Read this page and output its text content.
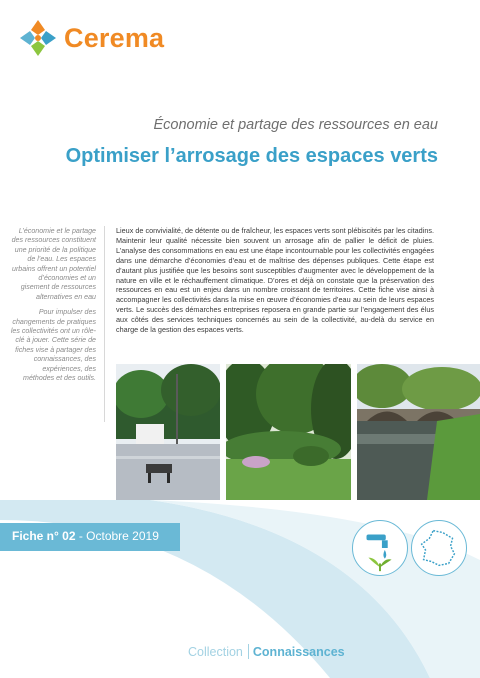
Cerema
Économie et partage des ressources en eau
Optimiser l’arrosage des espaces verts

L’économie et le partage des ressources constituent une priorité de la politique de l’eau. Les espaces urbains offrent un potentiel d’économies et un gisement de ressources alternatives en eau

Pour impulser des changements de pratiques les collectivités ont un rôle-clé à jouer. Cette série de fiches vise à partager des connaissances, des expériences, des méthodes et des outils.

Lieux de convivialité, de détente ou de fraîcheur, les espaces verts sont plébiscités par les citadins. Maintenir leur qualité nécessite bien souvent un arrosage afin de pallier le déficit de pluies. L’analyse des consommations en eau est une étape incontournable pour les collectivités engagées dans une démarche d’économies d’eau et de maîtrise des dépenses publiques. Cette étape est d’autant plus justifiée que les besoins sont susceptibles d’augmenter avec le développement de la nature en ville et le réchauffement climatique. D’ores et déjà on constate que la préservation des ressources en eau est un enjeu dans un nombre croissant de territoires. Cette fiche vise ainsi à accompagner les collectivités dans la mise en œuvre d’économies d’eau au sein de leurs espaces verts. Le succès des démarches entreprises reposera en grande partie sur l’engagement des élus aux côtés des services techniques concernés au sein de la collectivité, au-delà du service en charge de la gestion des espaces verts.
Fiche n° 02 - Octobre 2019
Collection Connaissances
